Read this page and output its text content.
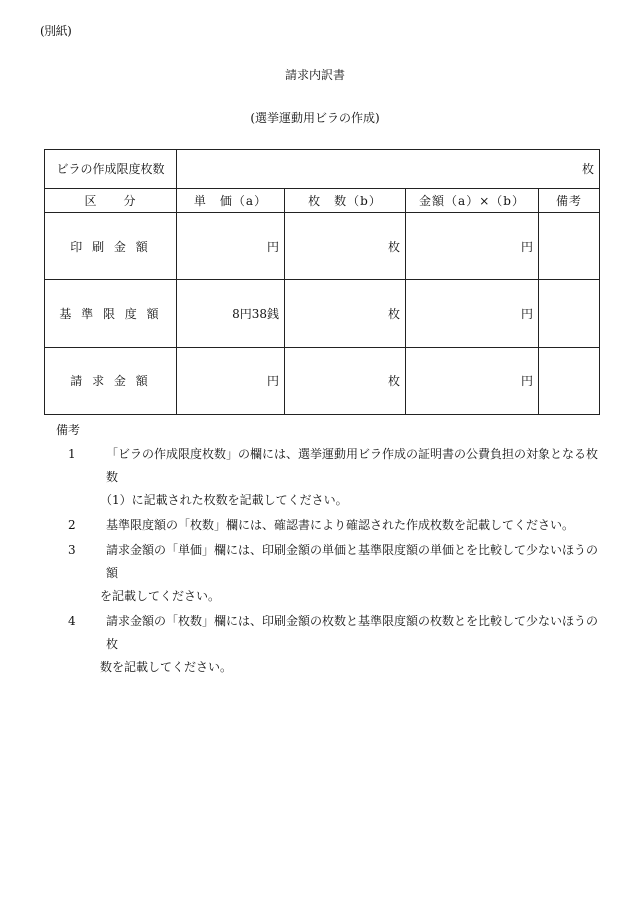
(別紙)
請求内訳書
(選挙運動用ビラの作成)
ビラの作成限度枚数	枚			
区　　分	単　価（a）	枚　数（b）	金額（a）×（b）	備考
印 刷 金 額	円	枚	円	
基 準 限 度 額	8円38銭	枚	円	
請 求 金 額	円	枚	円	
備考
1	「ビラの作成限度枚数」の欄には、選挙運動用ビラ作成の証明書の公費負担の対象となる枚数
（1）に記載された枚数を記載してください。
2	基準限度額の「枚数」欄には、確認書により確認された作成枚数を記載してください。
3	請求金額の「単価」欄には、印刷金額の単価と基準限度額の単価とを比較して少ないほうの額
を記載してください。
4	請求金額の「枚数」欄には、印刷金額の枚数と基準限度額の枚数とを比較して少ないほうの枚
数を記載してください。
